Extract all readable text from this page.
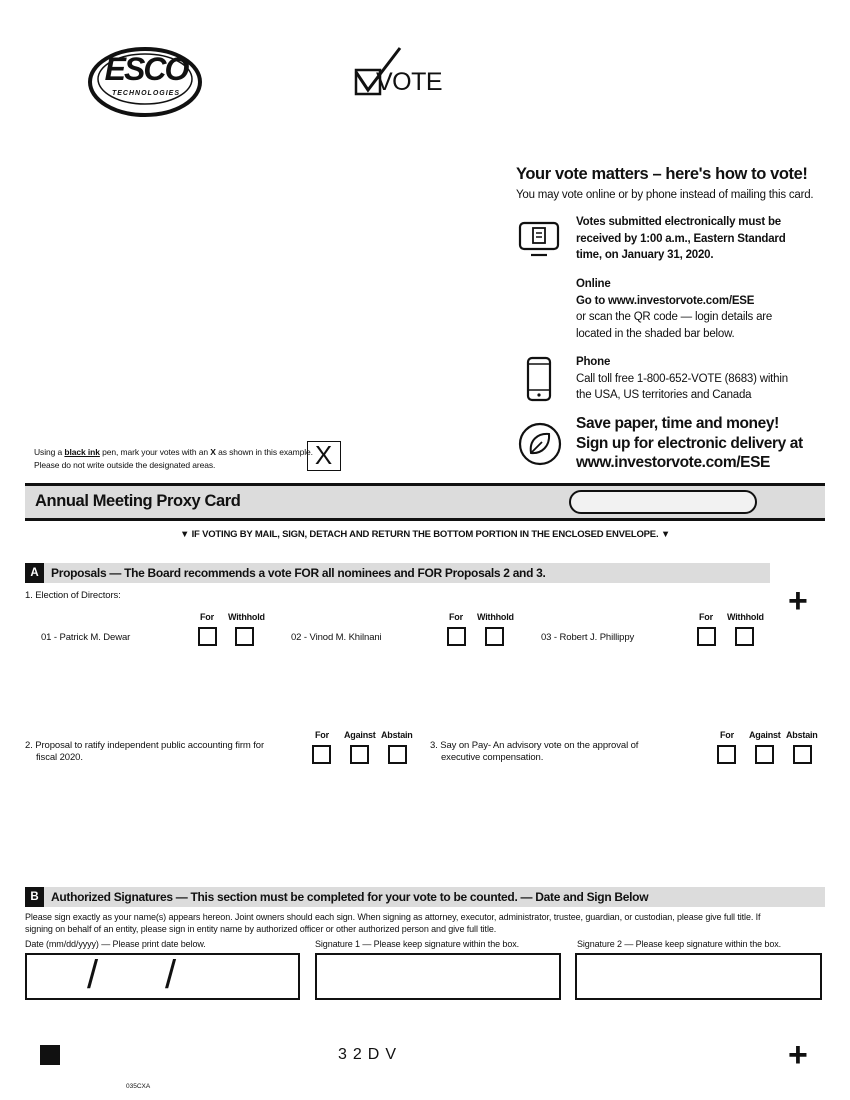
ESCO
TECHNOLOGIES	VOTE
Your vote matters – here's how to vote!
You may vote online or by phone instead of mailing this card.
Votes submitted electronically must be
received by 1:00 a.m., Eastern Standard
time, on January 31, 2020.
Online
Go to www.investorvote.com/ESE
or scan the QR code — login details are
located in the shaded bar below.
Phone
Call toll free 1-800-652-VOTE (8683) within
the USA, US territories and Canada
Save paper, time and money!
Sign up for electronic delivery at
www.investorvote.com/ESE
Using a black ink pen, mark your votes with an X as shown in this example.
Please do not write outside the designated areas.	X
Annual Meeting Proxy Card
▼ IF VOTING BY MAIL, SIGN, DETACH AND RETURN THE BOTTOM PORTION IN THE ENCLOSED ENVELOPE. ▼
A	Proposals — The Board recommends a vote FOR all nominees and FOR Proposals 2 and 3.
+
1. Election of Directors:
For Withhold
01 - Patrick M. Dewar
For Withhold
02 - Vinod M. Khilnani
For Withhold
03 - Robert J. Phillippy
2. Proposal to ratify independent public accounting firm for
fiscal 2020.
For Against Abstain
3. Say on Pay- An advisory vote on the approval of
executive compensation.
For Against Abstain
B	Authorized Signatures — This section must be completed for your vote to be counted. — Date and Sign Below
Please sign exactly as your name(s) appears hereon. Joint owners should each sign. When signing as attorney, executor, administrator, trustee, guardian, or custodian, please give full title. If
signing on behalf of an entity, please sign in entity name by authorized officer or other authorized person and give full title.
Date (mm/dd/yyyy) — Please print date below.	Signature 1 — Please keep signature within the box.	Signature 2 — Please keep signature within the box.
/ /
32DV	+
035CXA
